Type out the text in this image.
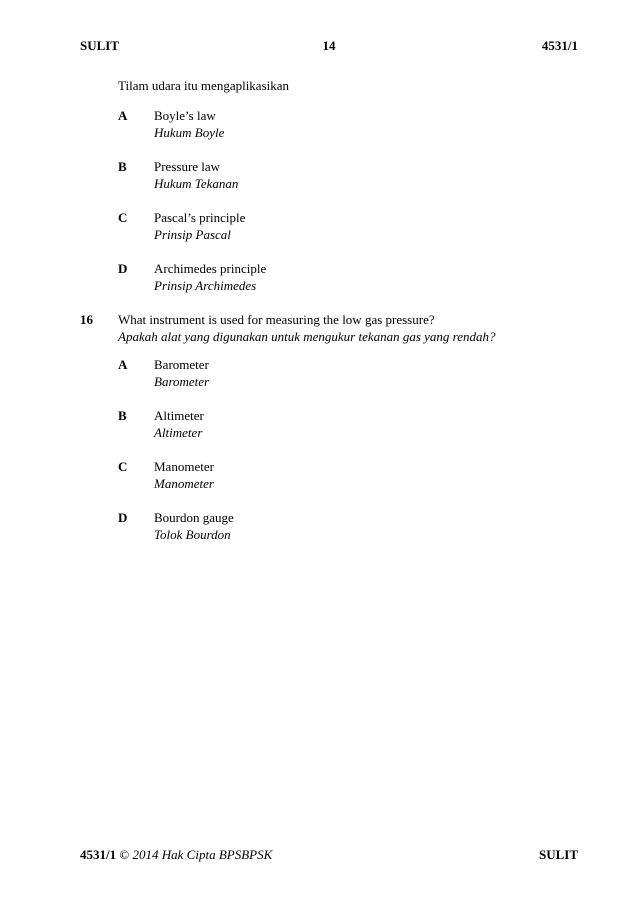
SULIT	14	4531/1
Tilam udara itu mengaplikasikan
A Boyle’s law
Hukum Boyle
B Pressure law
Hukum Tekanan
C Pascal’s principle
Prinsip Pascal
D Archimedes principle
Prinsip Archimedes
16 What instrument is used for measuring the low gas pressure?
Apakah alat yang digunakan untuk mengukur tekanan gas yang rendah?
A Barometer
Barometer
B Altimeter
Altimeter
C Manometer
Manometer
D Bourdon gauge
Tolok Bourdon
4531/1 © 2014 Hak Cipta BPSBPSK	SULIT
